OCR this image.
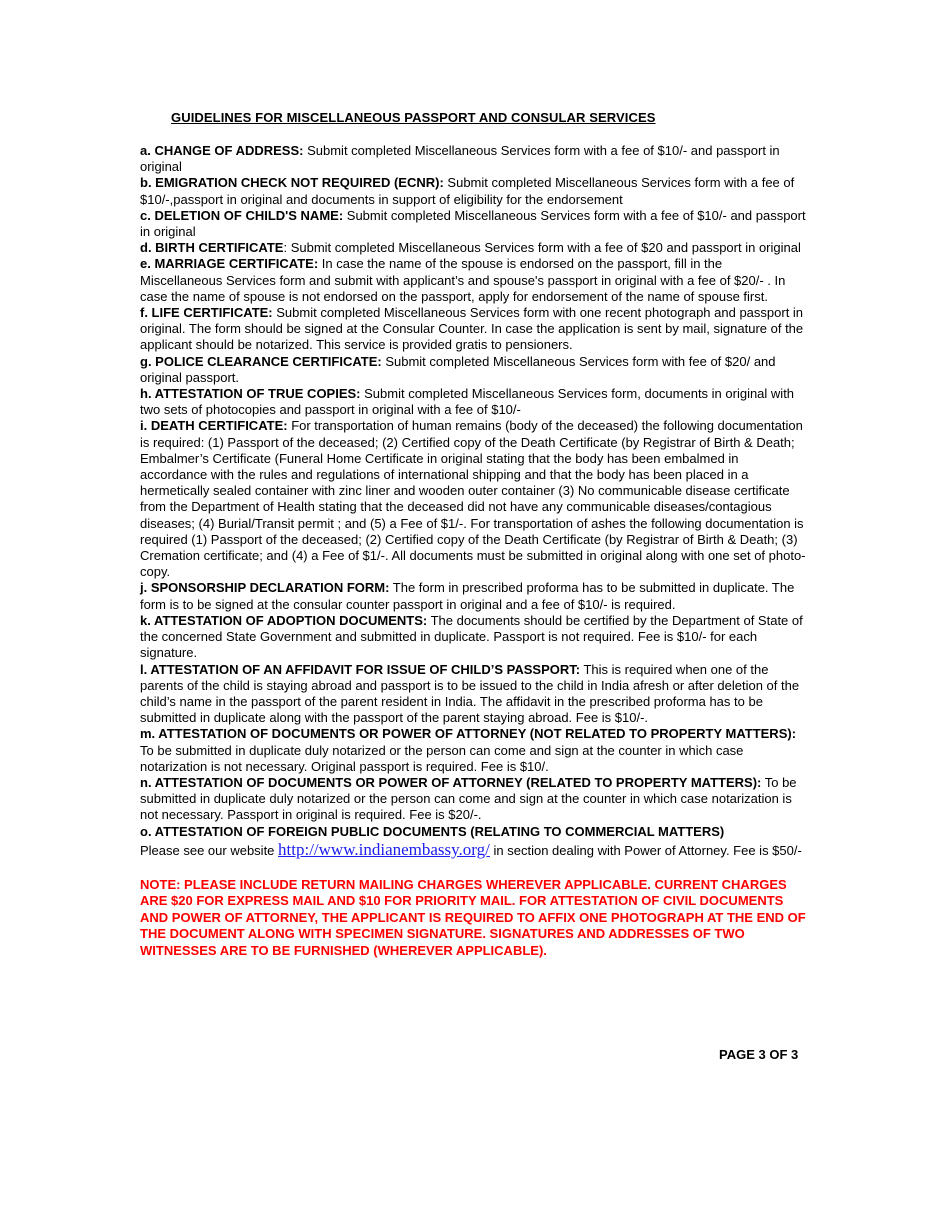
GUIDELINES FOR MISCELLANEOUS PASSPORT AND CONSULAR SERVICES

a. CHANGE OF ADDRESS: Submit completed Miscellaneous Services form with a fee of $10/- and passport in original

b. EMIGRATION CHECK NOT REQUIRED (ECNR): Submit completed Miscellaneous Services form with a fee of $10/-,passport in original and documents in support of eligibility for the endorsement

c. DELETION OF CHILD'S NAME: Submit completed Miscellaneous Services form with a fee of $10/- and passport in original

d. BIRTH CERTIFICATE: Submit completed Miscellaneous Services form with a fee of $20 and passport in original

e. MARRIAGE CERTIFICATE: In case the name of the spouse is endorsed on the passport, fill in the Miscellaneous Services form and submit with applicant’s and spouse's passport in original with a fee of $20/- . In case the name of spouse is not endorsed on the passport, apply for endorsement of the name of spouse first.

f. LIFE CERTIFICATE: Submit completed Miscellaneous Services form with one recent photograph and passport in original. The form should be signed at the Consular Counter. In case the application is sent by mail, signature of the applicant should be notarized. This service is provided gratis to pensioners.

g. POLICE CLEARANCE CERTIFICATE: Submit completed Miscellaneous Services form with fee of $20/ and original passport.

h. ATTESTATION OF TRUE COPIES: Submit completed Miscellaneous Services form, documents in original with two sets of photocopies and passport in original with a fee of $10/-

i. DEATH CERTIFICATE: For transportation of human remains (body of the deceased) the following documentation is required: (1) Passport of the deceased; (2) Certified copy of the Death Certificate (by Registrar of Birth & Death; Embalmer’s Certificate (Funeral Home Certificate in original stating that the body has been embalmed in accordance with the rules and regulations of international shipping and that the body has been placed in a hermetically sealed container with zinc liner and wooden outer container (3) No communicable disease certificate from the Department of Health stating that the deceased did not have any communicable diseases/contagious diseases; (4) Burial/Transit permit ; and (5) a Fee of $1/-. For transportation of ashes the following documentation is required (1) Passport of the deceased; (2) Certified copy of the Death Certificate (by Registrar of Birth & Death; (3) Cremation certificate; and (4) a Fee of $1/-. All documents must be submitted in original along with one set of photo- copy.

j. SPONSORSHIP DECLARATION FORM: The form in prescribed proforma has to be submitted in duplicate. The form is to be signed at the consular counter passport in original and a fee of $10/- is required.

k. ATTESTATION OF ADOPTION DOCUMENTS: The documents should be certified by the Department of State of the concerned State Government and submitted in duplicate. Passport is not required. Fee is $10/- for each signature.

l. ATTESTATION OF AN AFFIDAVIT FOR ISSUE OF CHILD’S PASSPORT: This is required when one of the parents of the child is staying abroad and passport is to be issued to the child in India afresh or after deletion of the child’s name in the passport of the parent resident in India. The affidavit in the prescribed proforma has to be submitted in duplicate along with the passport of the parent staying abroad. Fee is $10/-.

m. ATTESTATION OF DOCUMENTS OR POWER OF ATTORNEY (NOT RELATED TO PROPERTY MATTERS): To be submitted in duplicate duly notarized or the person can come and sign at the counter in which case notarization is not necessary. Original passport is required. Fee is $10/.

n. ATTESTATION OF DOCUMENTS OR POWER OF ATTORNEY (RELATED TO PROPERTY MATTERS): To be submitted in duplicate duly notarized or the person can come and sign at the counter in which case notarization is not necessary. Passport in original is required. Fee is $20/-.

o. ATTESTATION OF FOREIGN PUBLIC DOCUMENTS (RELATING TO COMMERCIAL MATTERS)

Please see our website http://www.indianembassy.org/ in section dealing with Power of Attorney. Fee is $50/-

NOTE: PLEASE INCLUDE RETURN MAILING CHARGES WHEREVER APPLICABLE. CURRENT CHARGES ARE $20 FOR EXPRESS MAIL AND $10 FOR PRIORITY MAIL. FOR ATTESTATION OF CIVIL DOCUMENTS AND POWER OF ATTORNEY, THE APPLICANT IS REQUIRED TO AFFIX ONE PHOTOGRAPH AT THE END OF THE DOCUMENT ALONG WITH SPECIMEN SIGNATURE. SIGNATURES AND ADDRESSES OF TWO WITNESSES ARE TO BE FURNISHED (WHEREVER APPLICABLE).

PAGE 3 OF 3
